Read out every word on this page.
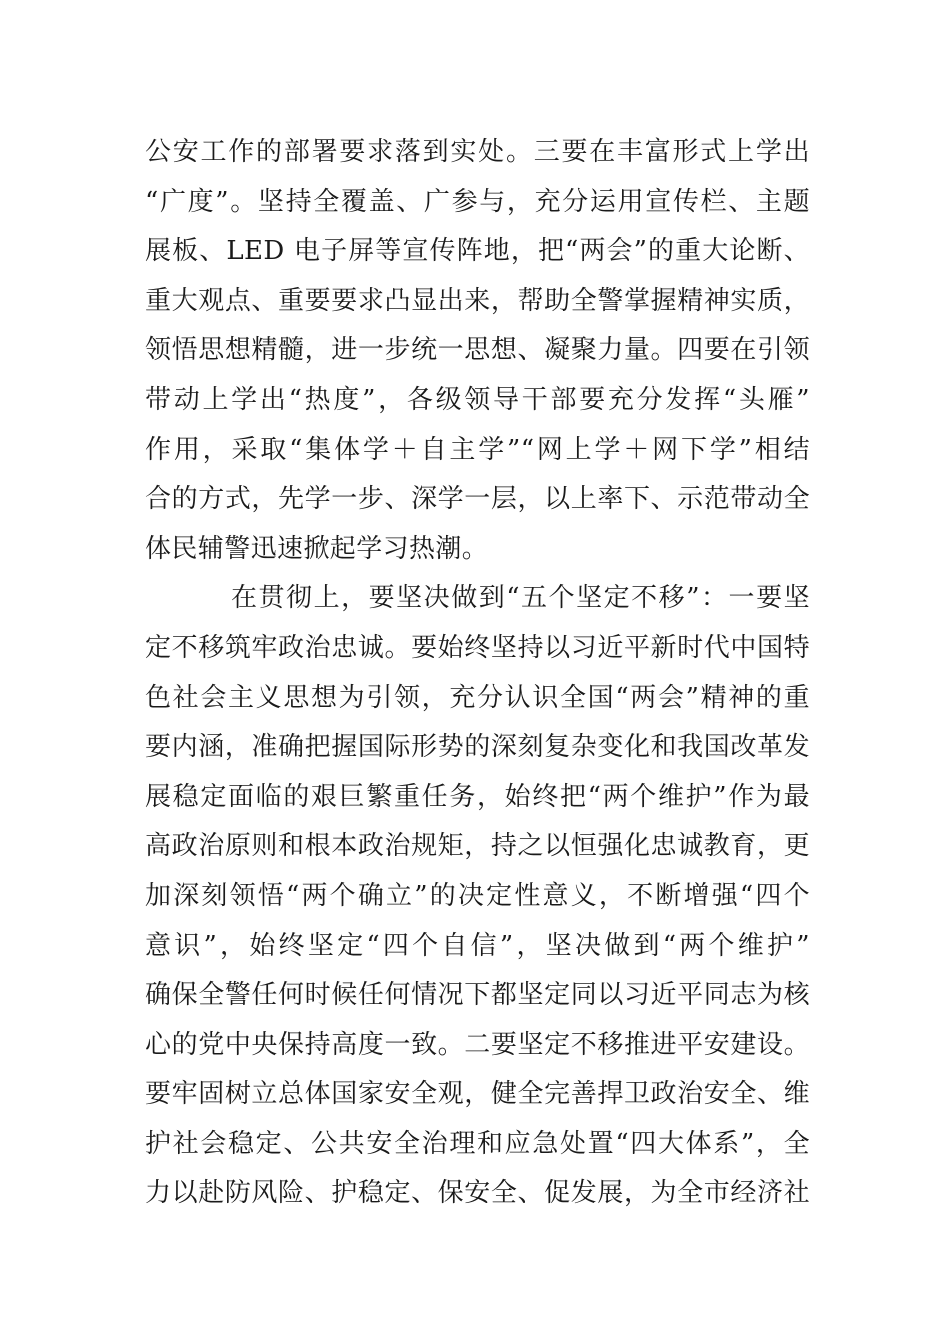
公安工作的部署要求落到实处。三要在丰富形式上学出
“广度”。坚持全覆盖、广参与，充分运用宣传栏、主题
展板、LED 电子屏等宣传阵地，把“两会”的重大论断、
重大观点、重要要求凸显出来，帮助全警掌握精神实质，
领悟思想精髓，进一步统一思想、凝聚力量。四要在引领
带动上学出“热度”，各级领导干部要充分发挥“头雁”
作用，采取“集体学＋自主学”“网上学＋网下学”相结
合的方式，先学一步、深学一层，以上率下、示范带动全
体民辅警迅速掀起学习热潮。
在贯彻上，要坚决做到“五个坚定不移”：一要坚
定不移筑牢政治忠诚。要始终坚持以习近平新时代中国特
色社会主义思想为引领，充分认识全国“两会”精神的重
要内涵，准确把握国际形势的深刻复杂变化和我国改革发
展稳定面临的艰巨繁重任务，始终把“两个维护”作为最
高政治原则和根本政治规矩，持之以恒强化忠诚教育，更
加深刻领悟“两个确立”的决定性意义，不断增强“四个
意识”，始终坚定“四个自信”，坚决做到“两个维护”
确保全警任何时候任何情况下都坚定同以习近平同志为核
心的党中央保持高度一致。二要坚定不移推进平安建设。
要牢固树立总体国家安全观，健全完善捍卫政治安全、维
护社会稳定、公共安全治理和应急处置“四大体系”，全
力以赴防风险、护稳定、保安全、促发展，为全市经济社
